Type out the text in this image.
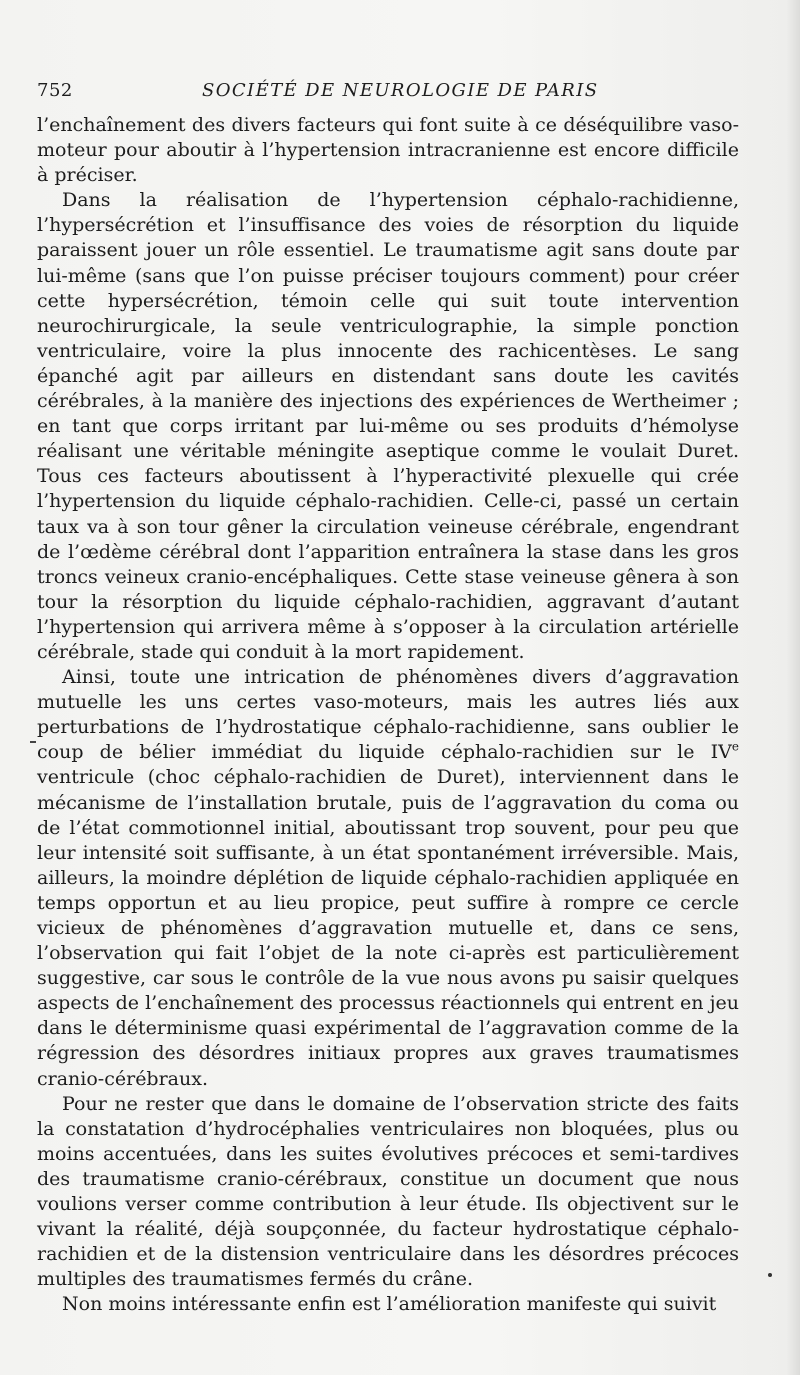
752	SOCIÉTÉ DE NEUROLOGIE DE PARIS

l’enchaînement des divers facteurs qui font suite à ce déséquilibre vaso-moteur pour aboutir à l’hypertension intracranienne est encore difficile à préciser.

Dans la réalisation de l’hypertension céphalo-rachidienne, l’hypersécrétion et l’insuffisance des voies de résorption du liquide paraissent jouer un rôle essentiel. Le traumatisme agit sans doute par lui-même (sans que l’on puisse préciser toujours comment) pour créer cette hypersécrétion, témoin celle qui suit toute intervention neurochirurgicale, la seule ventriculographie, la simple ponction ventriculaire, voire la plus innocente des rachicentèses. Le sang épanché agit par ailleurs en distendant sans doute les cavités cérébrales, à la manière des injections des expériences de Wertheimer ; en tant que corps irritant par lui-même ou ses produits d’hémolyse réalisant une véritable méningite aseptique comme le voulait Duret. Tous ces facteurs aboutissent à l’hyperactivité plexuelle qui crée l’hypertension du liquide céphalo-rachidien. Celle-ci, passé un certain taux va à son tour gêner la circulation veineuse cérébrale, engendrant de l’œdème cérébral dont l’apparition entraînera la stase dans les gros troncs veineux cranio-encéphaliques. Cette stase veineuse gênera à son tour la résorption du liquide céphalo-rachidien, aggravant d’autant l’hypertension qui arrivera même à s’opposer à la circulation artérielle cérébrale, stade qui conduit à la mort rapidement.

Ainsi, toute une intrication de phénomènes divers d’aggravation mutuelle les uns certes vaso-moteurs, mais les autres liés aux perturbations de l’hydrostatique céphalo-rachidienne, sans oublier le coup de bélier immédiat du liquide céphalo-rachidien sur le IVe ventricule (choc céphalo-rachidien de Duret), interviennent dans le mécanisme de l’installation brutale, puis de l’aggravation du coma ou de l’état commotionnel initial, aboutissant trop souvent, pour peu que leur intensité soit suffisante, à un état spontanément irréversible. Mais, ailleurs, la moindre déplétion de liquide céphalo-rachidien appliquée en temps opportun et au lieu propice, peut suffire à rompre ce cercle vicieux de phénomènes d’aggravation mutuelle et, dans ce sens, l’observation qui fait l’objet de la note ci-après est particulièrement suggestive, car sous le contrôle de la vue nous avons pu saisir quelques aspects de l’enchaînement des processus réactionnels qui entrent en jeu dans le déterminisme quasi expérimental de l’aggravation comme de la régression des désordres initiaux propres aux graves traumatismes cranio-cérébraux.

Pour ne rester que dans le domaine de l’observation stricte des faits la constatation d’hydrocéphalies ventriculaires non bloquées, plus ou moins accentuées, dans les suites évolutives précoces et semi-tardives des traumatisme cranio-cérébraux, constitue un document que nous voulions verser comme contribution à leur étude. Ils objectivent sur le vivant la réalité, déjà soupçonnée, du facteur hydrostatique céphalo-rachidien et de la distension ventriculaire dans les désordres précoces multiples des traumatismes fermés du crâne.

Non moins intéressante enfin est l’amélioration manifeste qui suivit
